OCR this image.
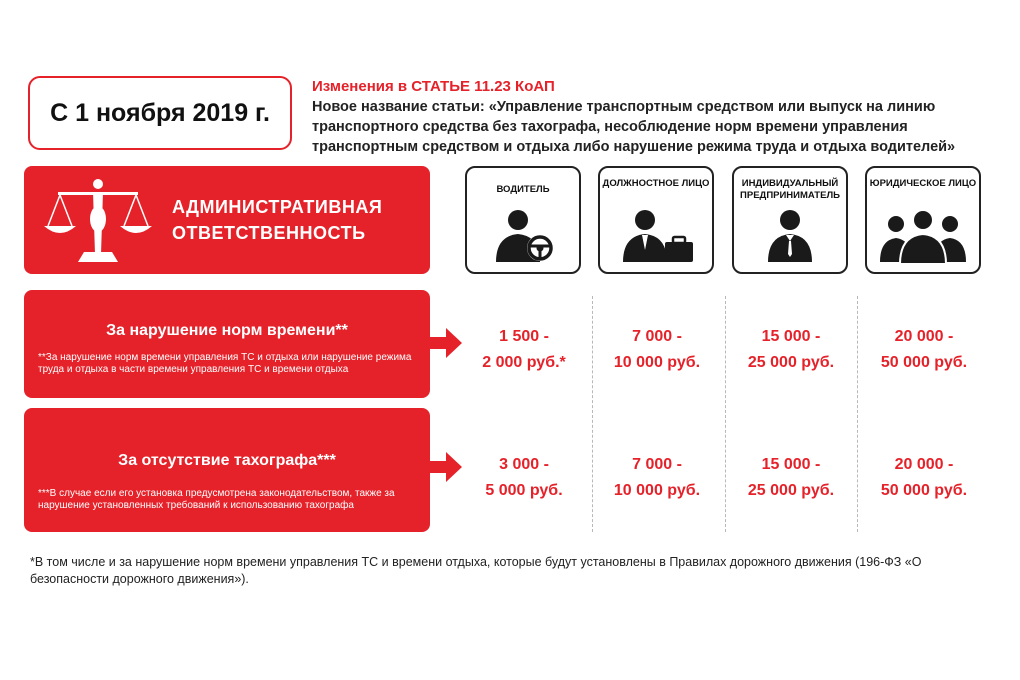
С 1 ноября 2019 г.
Изменения в СТАТЬЕ 11.23 КоАП
Новое название статьи: «Управление транспортным средством или выпуск на линию транспортного средства без тахографа, несоблюдение норм времени управления транспортным средством и отдыха либо нарушение режима труда и отдыха водителей»
АДМИНИСТРАТИВНАЯ ОТВЕТСТВЕННОСТЬ
ВОДИТЕЛЬ
ДОЛЖНОСТНОЕ ЛИЦО	ИНДИВИДУАЛЬНЫЙ ПРЕДПРИНИМАТЕЛЬ
ЮРИДИЧЕСКОЕ ЛИЦО
За нарушение норм времени**
**За нарушение норм времени управления ТС и отдыха или нарушение режима труда и отдыха в части времени управления ТС и времени отдыха
1 500 -
2 000 руб.*
7 000 -
10 000 руб.
15 000 -
25 000 руб.
20 000 -
50 000 руб.
За отсутствие тахографа***
***В случае если его установка предусмотрена законодательством, также за нарушение установленных требований к использованию тахографа
3 000 -
5 000 руб.
7 000 -
10 000 руб.
15 000 -
25 000 руб.
20 000 -
50 000 руб.
*В том числе и за нарушение норм времени управления ТС и времени отдыха, которые будут установлены в Правилах дорожного движения (196-ФЗ «О безопасности дорожного движения»).
